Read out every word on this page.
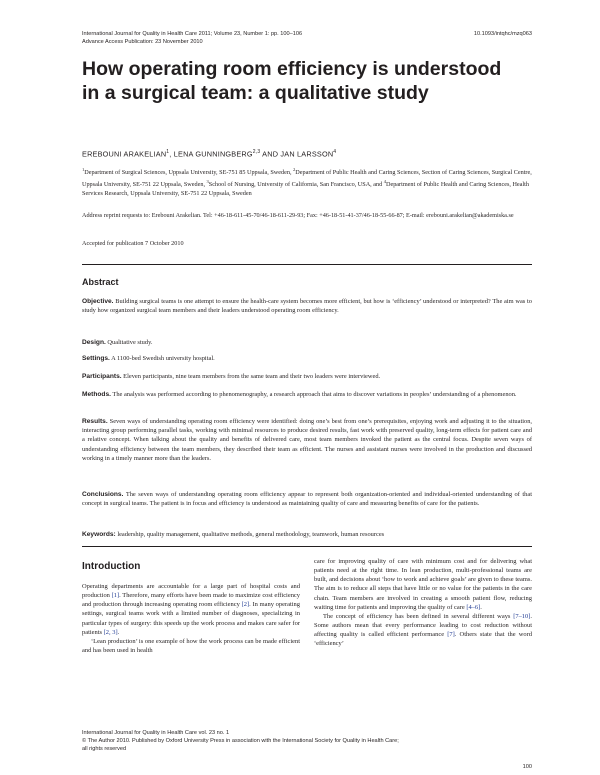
International Journal for Quality in Health Care 2011; Volume 23, Number 1: pp. 100–106
Advance Access Publication: 23 November 2010
10.1093/intqhc/mzq063
How operating room efficiency is understood in a surgical team: a qualitative study
EREBOUNI ARAKELIAN$^1$, LENA GUNNINGBERG$^{2,3}$ AND JAN LARSSON$^4$
$^1$Department of Surgical Sciences, Uppsala University, SE-751 85 Uppsala, Sweden, $^2$Department of Public Health and Caring Sciences, Section of Caring Sciences, Surgical Centre, Uppsala University, SE-751 22 Uppsala, Sweden, $^3$School of Nursing, University of California, San Francisco, USA, and $^4$Department of Public Health and Caring Sciences, Health Services Research, Uppsala University, SE-751 22 Uppsala, Sweden
Address reprint requests to: Erebouni Arakelian. Tel: +46-18-611-45-70/46-18-611-29-93; Fax: +46-18-51-41-37/46-18-55-66-87; E-mail: erebouni.arakelian@akademiska.se
Accepted for publication 7 October 2010
Abstract
Objective. Building surgical teams is one attempt to ensure the health-care system becomes more efficient, but how is ‘efficiency’ understood or interpreted? The aim was to study how organized surgical team members and their leaders understood operating room efficiency.
Design. Qualitative study.
Settings. A 1100-bed Swedish university hospital.
Participants. Eleven participants, nine team members from the same team and their two leaders were interviewed.
Methods. The analysis was performed according to phenomenography, a research approach that aims to discover variations in peoples’ understanding of a phenomenon.
Results. Seven ways of understanding operating room efficiency were identified: doing one’s best from one’s prerequisites, enjoying work and adjusting it to the situation, interacting group performing parallel tasks, working with minimal resources to produce desired results, fast work with preserved quality, long-term effects for patient care and a relative concept. When talking about the quality and benefits of delivered care, most team members invoked the patient as the central focus. Despite seven ways of understanding efficiency between the team members, they described their team as efficient. The nurses and assistant nurses were involved in the production and discussed working in a timely manner more than the leaders.
Conclusions. The seven ways of understanding operating room efficiency appear to represent both organization-oriented and individual-oriented understanding of that concept in surgical teams. The patient is in focus and efficiency is understood as maintaining quality of care and measuring benefits of care for the patients.
Keywords: leadership, quality management, qualitative methods, general methodology, teamwork, human resources
Introduction

Operating departments are accountable for a large part of hospital costs and production [1]. Therefore, many efforts have been made to maximize cost efficiency and production through increasing operating room efficiency [2]. In many operating settings, surgical teams work with a limited number of diagnoses, specializing in particular types of surgery: this speeds up the work process and makes care safer for patients [2, 3].

‘Lean production’ is one example of how the work process can be made efficient and has been used in health

care for improving quality of care with minimum cost and for delivering what patients need at the right time. In lean production, multi-professional teams are built, and decisions about ‘how to work and achieve goals’ are given to these teams. The aim is to reduce all steps that have little or no value for the patients in the care chain. Team members are involved in creating a smooth patient flow, reducing waiting time for patients and improving the quality of care [4–6].

The concept of efficiency has been defined in several different ways [7–10]. Some authors mean that every performance leading to cost reduction without affecting quality is called efficient performance [7]. Others state that the word ‘efficiency’

International Journal for Quality in Health Care vol. 23 no. 1
© The Author 2010. Published by Oxford University Press in association with the International Society for Quality in Health Care;
all rights reserved
100
